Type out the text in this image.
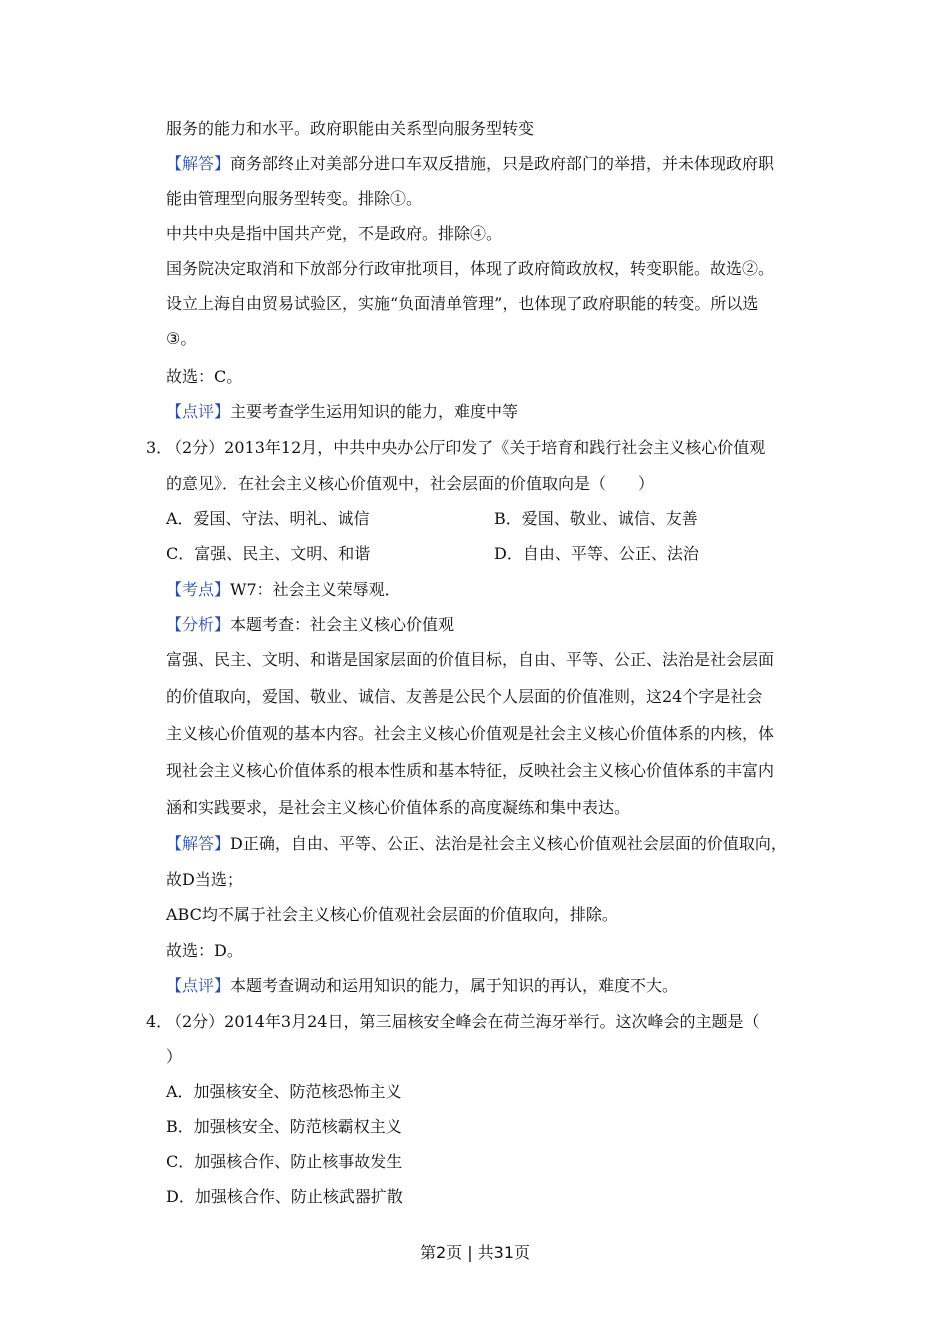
服务的能力和水平。政府职能由关系型向服务型转变
【解答】商务部终止对美部分进口车双反措施，只是政府部门的举措，并未体现政府职
能由管理型向服务型转变。排除①。
中共中央是指中国共产党，不是政府。排除④。
国务院决定取消和下放部分行政审批项目，体现了政府简政放权，转变职能。故选②。
设立上海自由贸易试验区，实施“负面清单管理”，也体现了政府职能的转变。所以选
③。
故选：C。
【点评】主要考查学生运用知识的能力，难度中等
3．
（2分）2013年12月，中共中央办公厅印发了《关于培育和践行社会主义核心价值观
的意见》．在社会主义核心价值观中，社会层面的价值取向是（　　）
A．爱国、守法、明礼、诚信	B．爱国、敬业、诚信、友善
C．富强、民主、文明、和谐	D．自由、平等、公正、法治
【考点】W7：社会主义荣辱观．
【分析】本题考查：社会主义核心价值观
富强、民主、文明、和谐是国家层面的价值目标，自由、平等、公正、法治是社会层面
的价值取向，爱国、敬业、诚信、友善是公民个人层面的价值准则，这24个字是社会
主义核心价值观的基本内容。社会主义核心价值观是社会主义核心价值体系的内核，体
现社会主义核心价值体系的根本性质和基本特征，反映社会主义核心价值体系的丰富内
涵和实践要求，是社会主义核心价值体系的高度凝练和集中表达。
【解答】D正确，自由、平等、公正、法治是社会主义核心价值观社会层面的价值取向，
故D当选；
ABC均不属于社会主义核心价值观社会层面的价值取向，排除。
故选：D。
【点评】本题考查调动和运用知识的能力，属于知识的再认，难度不大。
4．
（2分）2014年3月24日，第三届核安全峰会在荷兰海牙举行。这次峰会的主题是（
）
A．加强核安全、防范核恐怖主义
B．加强核安全、防范核霸权主义
C．加强核合作、防止核事故发生
D．加强核合作、防止核武器扩散
第2页 | 共31页
